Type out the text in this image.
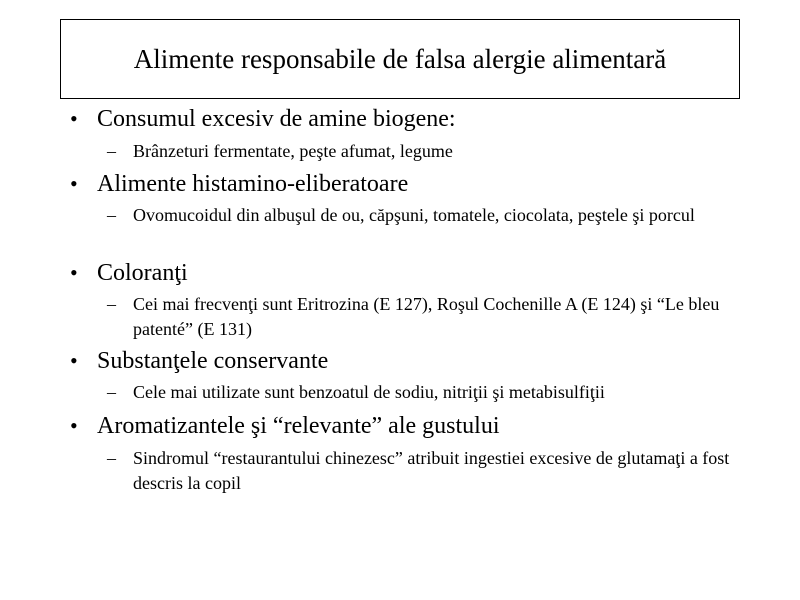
Alimente responsabile de falsa alergie alimentară
• Consumul excesiv de amine biogene:
– Brânzeturi fermentate, peşte afumat, legume
• Alimente histamino-eliberatoare
– Ovomucoidul din albuşul de ou, căpşuni, tomatele, ciocolata, peştele şi porcul
• Coloranţi
– Cei mai frecvenţi sunt Eritrozina (E 127), Roşul Cochenille A (E 124) şi “Le bleu patenté” (E 131)
• Substanţele conservante
– Cele mai utilizate sunt benzoatul de sodiu, nitriţii şi metabisulfiţii
• Aromatizantele şi “relevante” ale gustului
– Sindromul “restaurantului chinezesc” atribuit ingestiei excesive de glutamaţi a fost descris la copil
